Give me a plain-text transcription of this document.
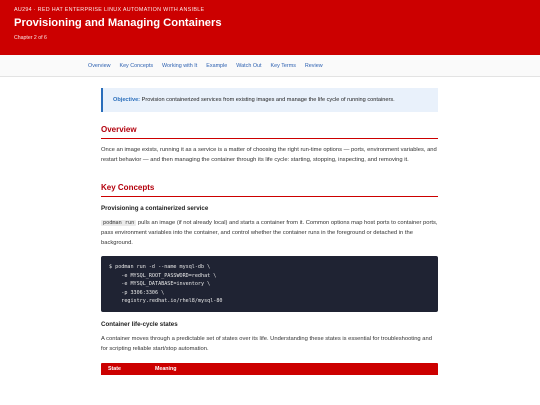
AU294 · RED HAT ENTERPRISE LINUX AUTOMATION WITH ANSIBLE
Provisioning and Managing Containers
Chapter 2 of 6
Overview Key Concepts Working with It Example Watch Out Key Terms Review
Objective: Provision containerized services from existing images and manage the life cycle of running containers.
Overview

Once an image exists, running it as a service is a matter of choosing the right run-time options — ports, environment variables, and restart behavior — and then managing the container through its life cycle: starting, stopping, inspecting, and removing it.

Key Concepts
Provisioning a containerized service

podman run pulls an image (if not already local) and starts a container from it. Common options map host ports to container ports, pass environment variables into the container, and control whether the container runs in the foreground or detached in the background.

$ podman run -d --name mysql-db \
-e MYSQL_ROOT_PASSWORD=redhat \
-e MYSQL_DATABASE=inventory \
-p 3306:3306 \
registry.redhat.io/rhel8/mysql-80
Container life-cycle states

A container moves through a predictable set of states over its life. Understanding these states is essential for troubleshooting and for scripting reliable start/stop automation.

State	Meaning
